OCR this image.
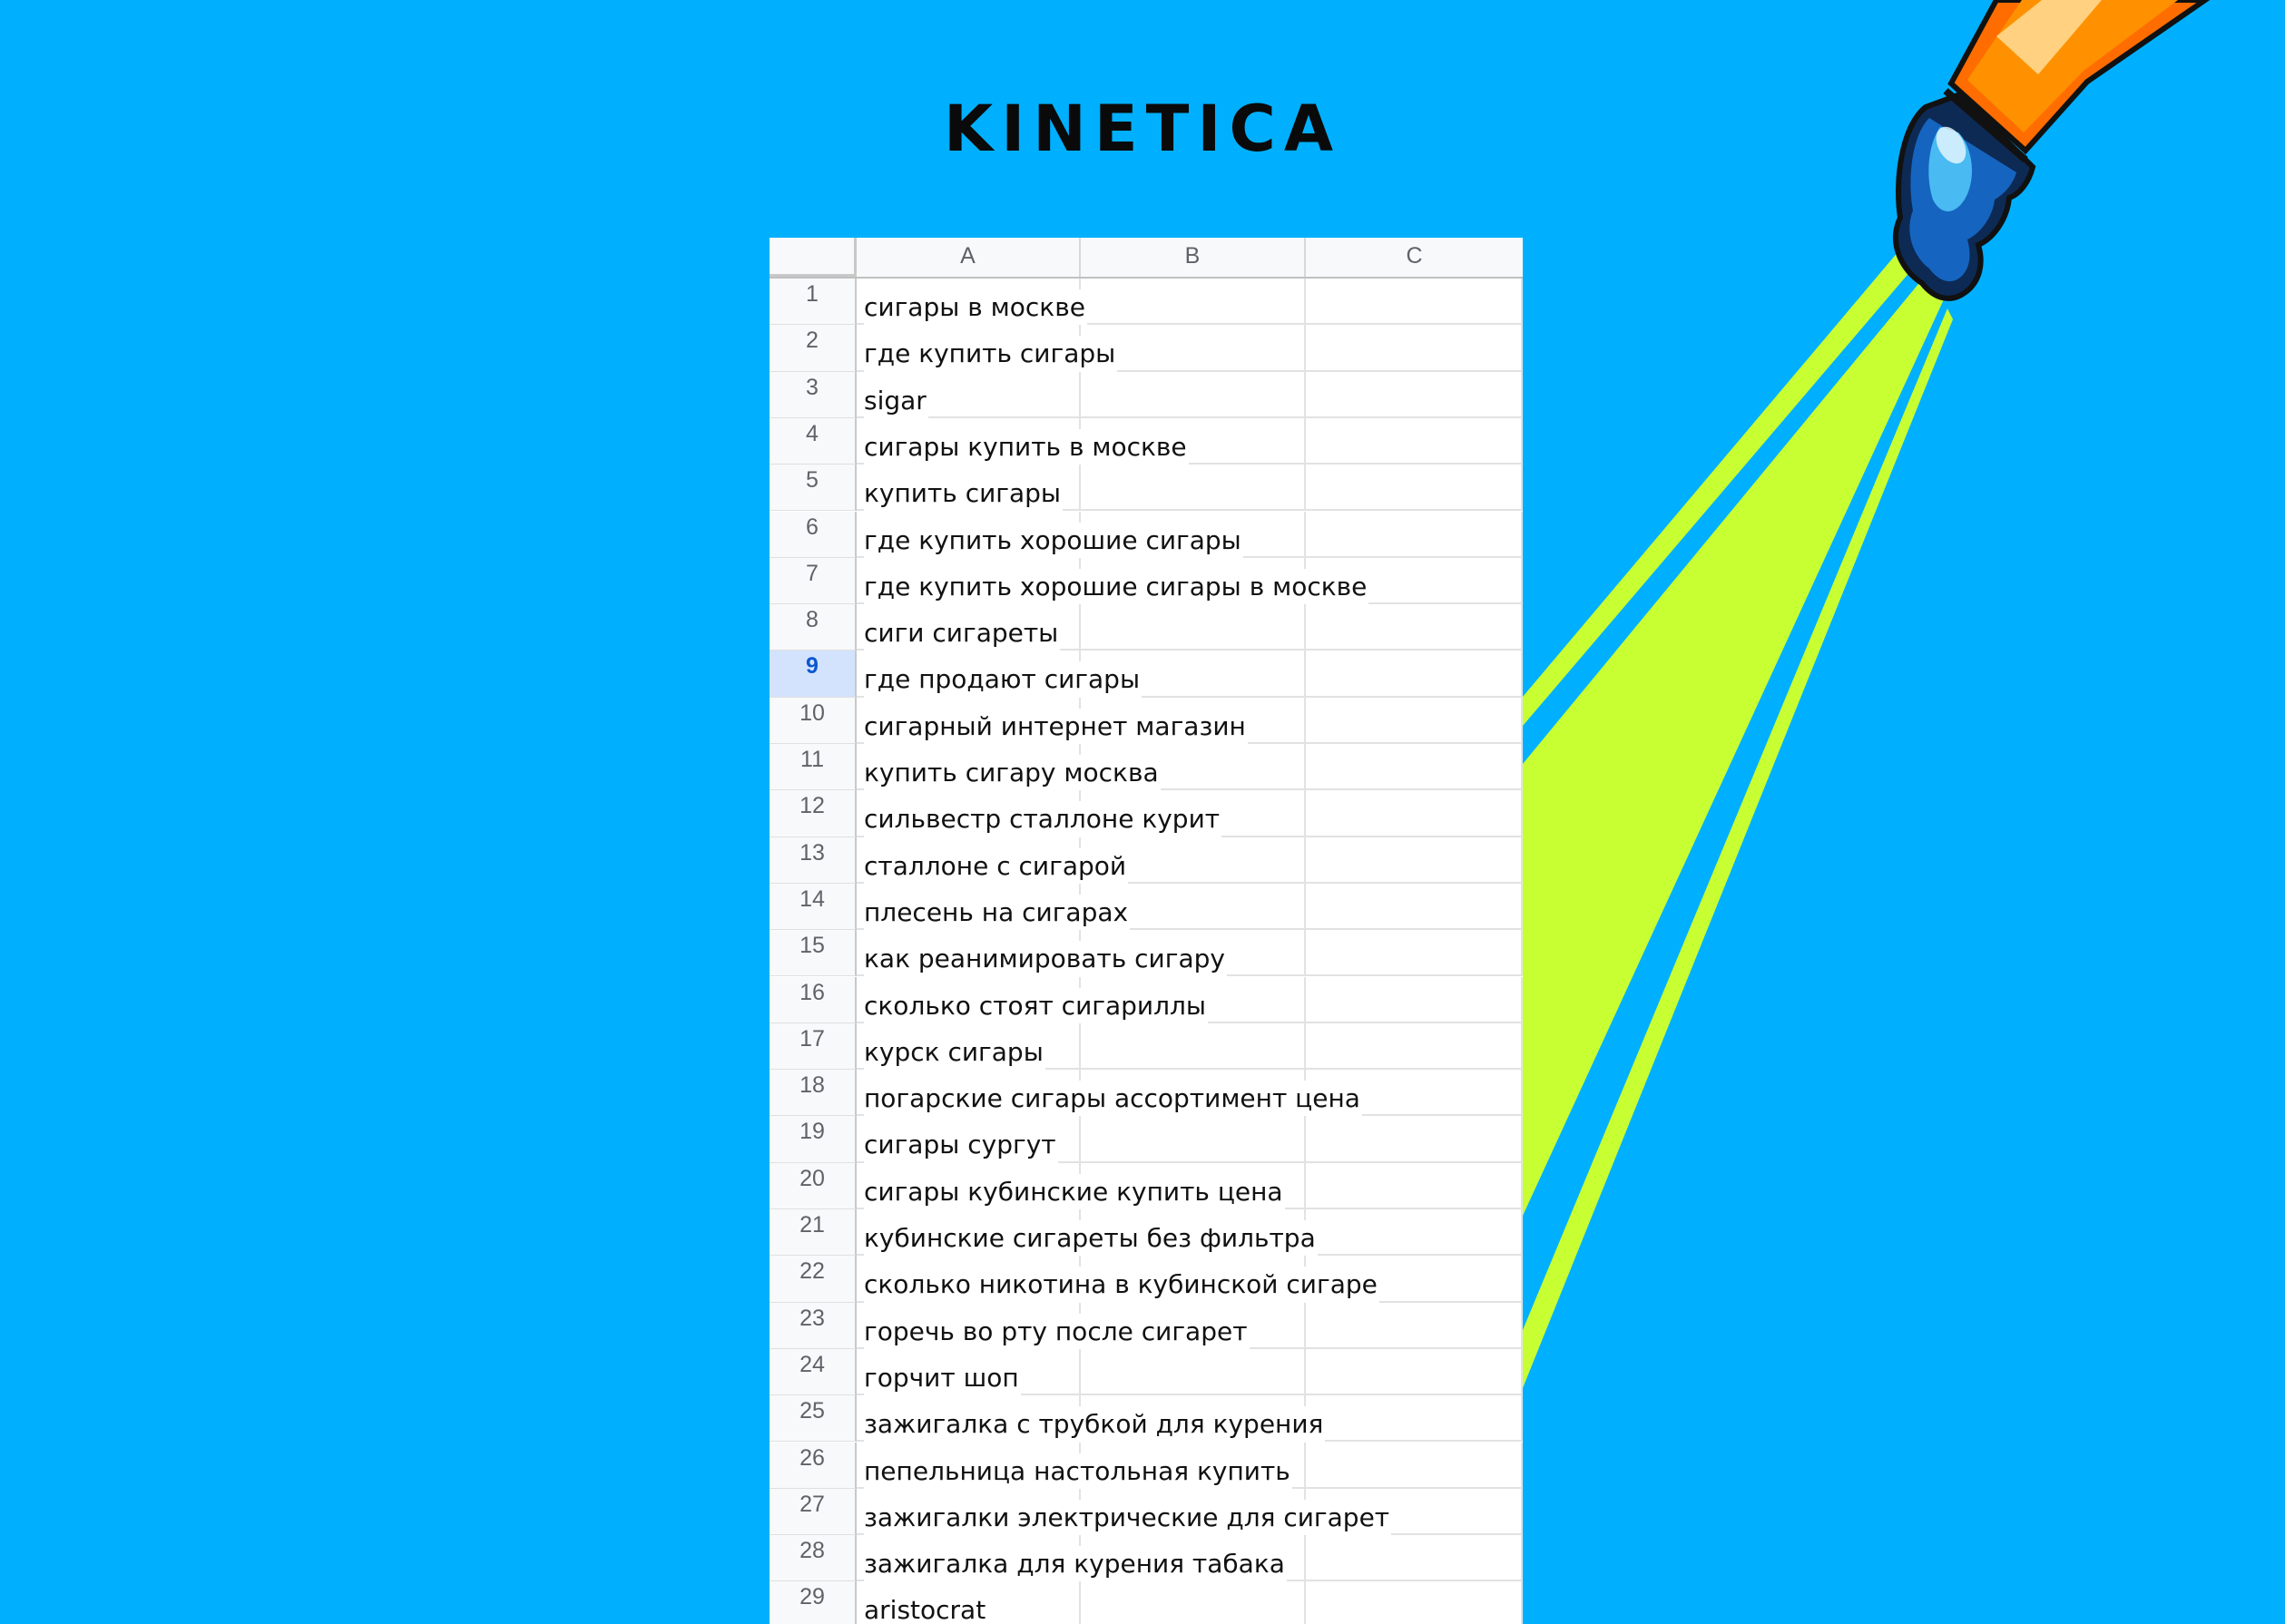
KINETICA
A	B	C
1	сигары в москве
2	где купить сигары
3	sigar
4	сигары купить в москве
5	купить сигары
6	где купить хорошие сигары
7	где купить хорошие сигары в москве
8	сиги сигареты
9	где продают сигары
10	сигарный интернет магазин
11	купить сигару москва
12	сильвестр сталлоне курит
13	сталлоне с сигарой
14	плесень на сигарах
15	как реанимировать сигару
16	сколько стоят сигариллы
17	курск сигары
18	погарские сигары ассортимент цена
19	сигары сургут
20	сигары кубинские купить цена
21	кубинские сигареты без фильтра
22	сколько никотина в кубинской сигаре
23	горечь во рту после сигарет
24	горчит шоп
25	зажигалка с трубкой для курения
26	пепельница настольная купить
27	зажигалки электрические для сигарет
28	зажигалка для курения табака
29	aristocrat
